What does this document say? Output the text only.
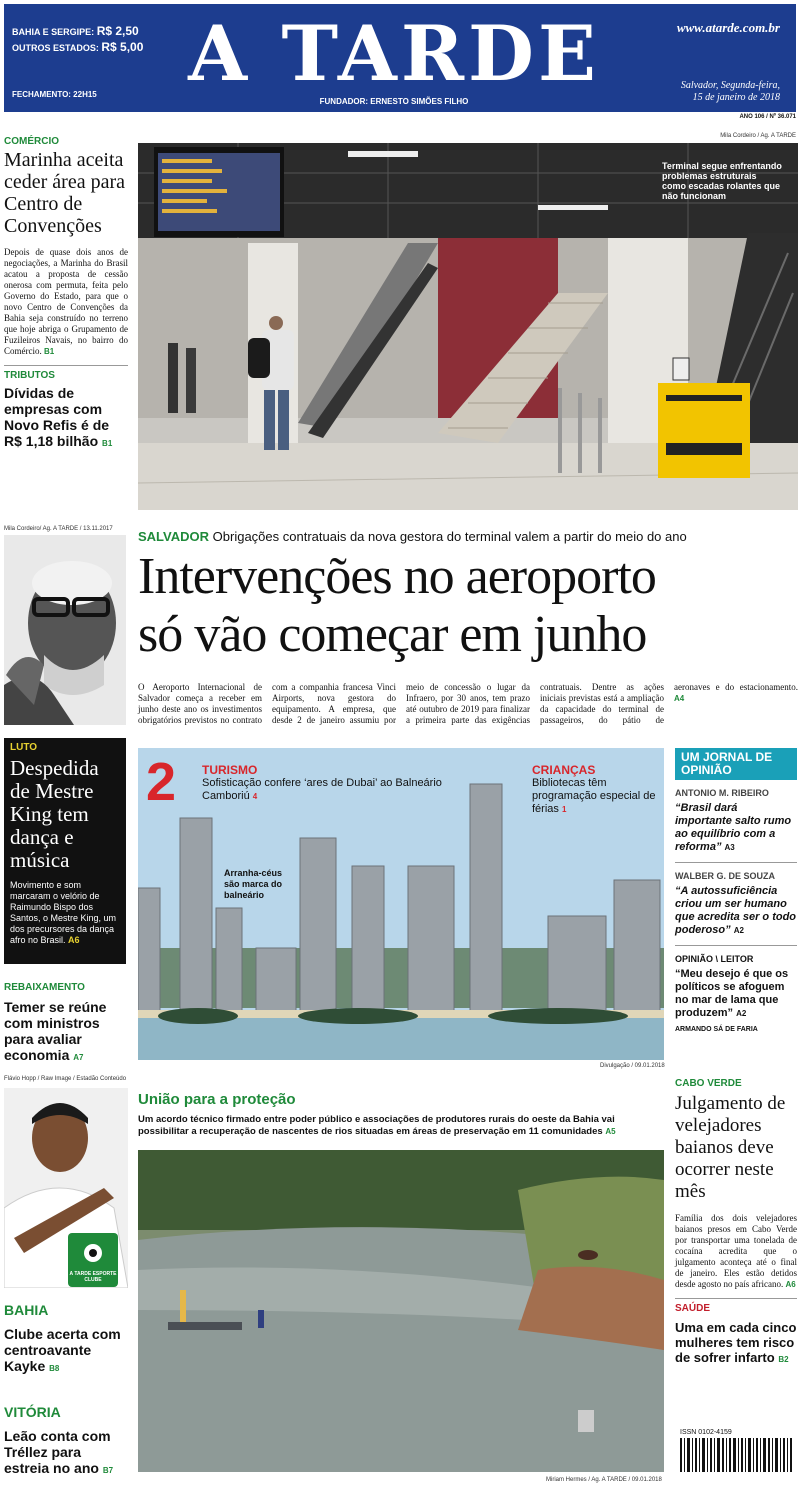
BAHIA E SERGIPE: R$ 2,50
OUTROS ESTADOS: R$ 5,00
FECHAMENTO: 22H15	A TARDE
FUNDADOR: ERNESTO SIMÕES FILHO
www.atarde.com.br
Salvador, Segunda-feira,
15 de janeiro de 2018
ANO 106 / Nº 36.071
COMÉRCIO
Marinha aceita ceder área para Centro de Convenções
Depois de quase dois anos de negociações, a Marinha do Brasil acatou a proposta de cessão onerosa com permuta, feita pelo Governo do Estado, para que o novo Centro de Convenções da Bahia seja construído no terreno que hoje abriga o Grupamento de Fuzileiros Navais, no bairro do Comércio. B1
TRIBUTOS
Dívidas de empresas com Novo Refis é de R$ 1,18 bilhão B1
Mila Cordeiro/ Ag. A TARDE / 13.11.2017
Terminal segue enfrentando problemas estruturais como escadas rolantes que não funcionam
Mila Cordeiro / Ag. A TARDE
SALVADOR Obrigações contratuais da nova gestora do terminal valem a partir do meio do ano
Intervenções no aeroporto
só vão começar em junho
O Aeroporto Internacional de Salvador começa a receber em junho deste ano os investimentos obrigatórios previstos no contrato com a companhia francesa Vinci Airports, nova gestora do equipamento. A empresa, que desde 2 de janeiro assumiu por meio de concessão o lugar da Infraero, por 30 anos, tem prazo até outubro de 2019 para finalizar a primeira parte das exigências contratuais. Dentre as ações iniciais previstas está a ampliação da capacidade do terminal de passageiros, do pátio de aeronaves e do estacionamento. A4
LUTO
Despedida de Mestre King tem dança e música
Movimento e som marcaram o velório de Raimundo Bispo dos Santos, o Mestre King, um dos precursores da dança afro no Brasil. A6
REBAIXAMENTO
Temer se reúne com ministros para avaliar economia A7
Flávio Hopp / Raw Image / Estadão Conteúdo
A TARDE ESPORTE CLUBE
BAHIA
Clube acerta com centroavante Kayke B8
VITÓRIA
Leão conta com Tréllez para estreia no ano B7
2 TURISMO
Sofisticação confere ‘ares de Dubai’ ao Balneário Camboriú 4
CRIANÇAS
Bibliotecas têm programação especial de férias 1
Arranha-céus são marca do balneário
Divulgação / 09.01.2018
UM JORNAL DE OPINIÃO
ANTONIO M. RIBEIRO
“Brasil dará importante salto rumo ao equilíbrio com a reforma” A3
WALBER G. DE SOUZA
“A autossuficiência criou um ser humano que acredita ser o todo poderoso” A2
OPINIÃO \ LEITOR
“Meu desejo é que os políticos se afoguem no mar de lama que produzem” A2
ARMANDO SÁ DE FARIA
União para a proteção
Um acordo técnico firmado entre poder público e associações de produtores rurais do oeste da Bahia vai possibilitar a recuperação de nascentes de rios situadas em áreas de preservação em 11 comunidades A5
Miriam Hermes / Ag. A TARDE / 09.01.2018
CABO VERDE
Julgamento de velejadores baianos deve ocorrer neste mês
Família dos dois velejadores baianos presos em Cabo Verde por transportar uma tonelada de cocaína acredita que o julgamento aconteça até o final de janeiro. Eles estão detidos desde agosto no país africano. A6
SAÚDE
Uma em cada cinco mulheres tem risco de sofrer infarto B2
ISSN 0102-4159
